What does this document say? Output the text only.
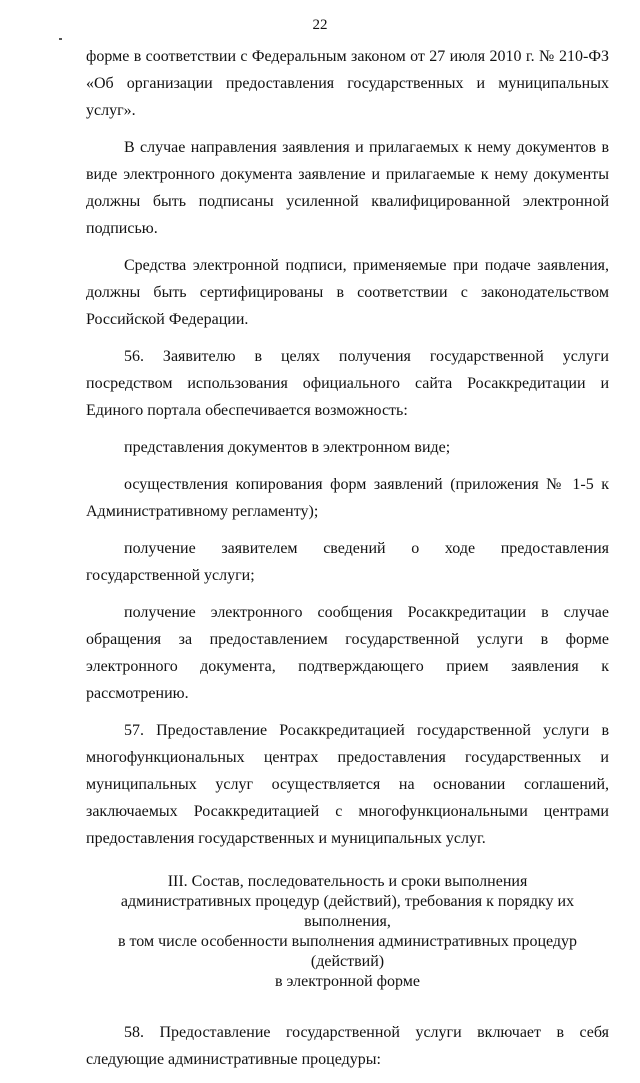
22

форме в соответствии с Федеральным законом от 27 июля 2010 г. № 210-ФЗ «Об организации предоставления государственных и муниципальных услуг».

В случае направления заявления и прилагаемых к нему документов в виде электронного документа заявление и прилагаемые к нему документы должны быть подписаны усиленной квалифицированной электронной подписью.

Средства электронной подписи, применяемые при подаче заявления, должны быть сертифицированы в соответствии с законодательством Российской Федерации.

56. Заявителю в целях получения государственной услуги посредством использования официального сайта Росаккредитации и Единого портала обеспечивается возможность:

представления документов в электронном виде;

осуществления копирования форм заявлений (приложения № 1-5 к Административному регламенту);

получение заявителем сведений о ходе предоставления государственной услуги;

получение электронного сообщения Росаккредитации в случае обращения за предоставлением государственной услуги в форме электронного документа, подтверждающего прием заявления к рассмотрению.

57. Предоставление Росаккредитацией государственной услуги в многофункциональных центрах предоставления государственных и муниципальных услуг осуществляется на основании соглашений, заключаемых Росаккредитацией с многофункциональными центрами предоставления государственных и муниципальных услуг.

III. Состав, последовательность и сроки выполнения
административных процедур (действий), требования к порядку их выполнения,
в том числе особенности выполнения административных процедур (действий)
в электронной форме

58. Предоставление государственной услуги включает в себя следующие административные процедуры:
